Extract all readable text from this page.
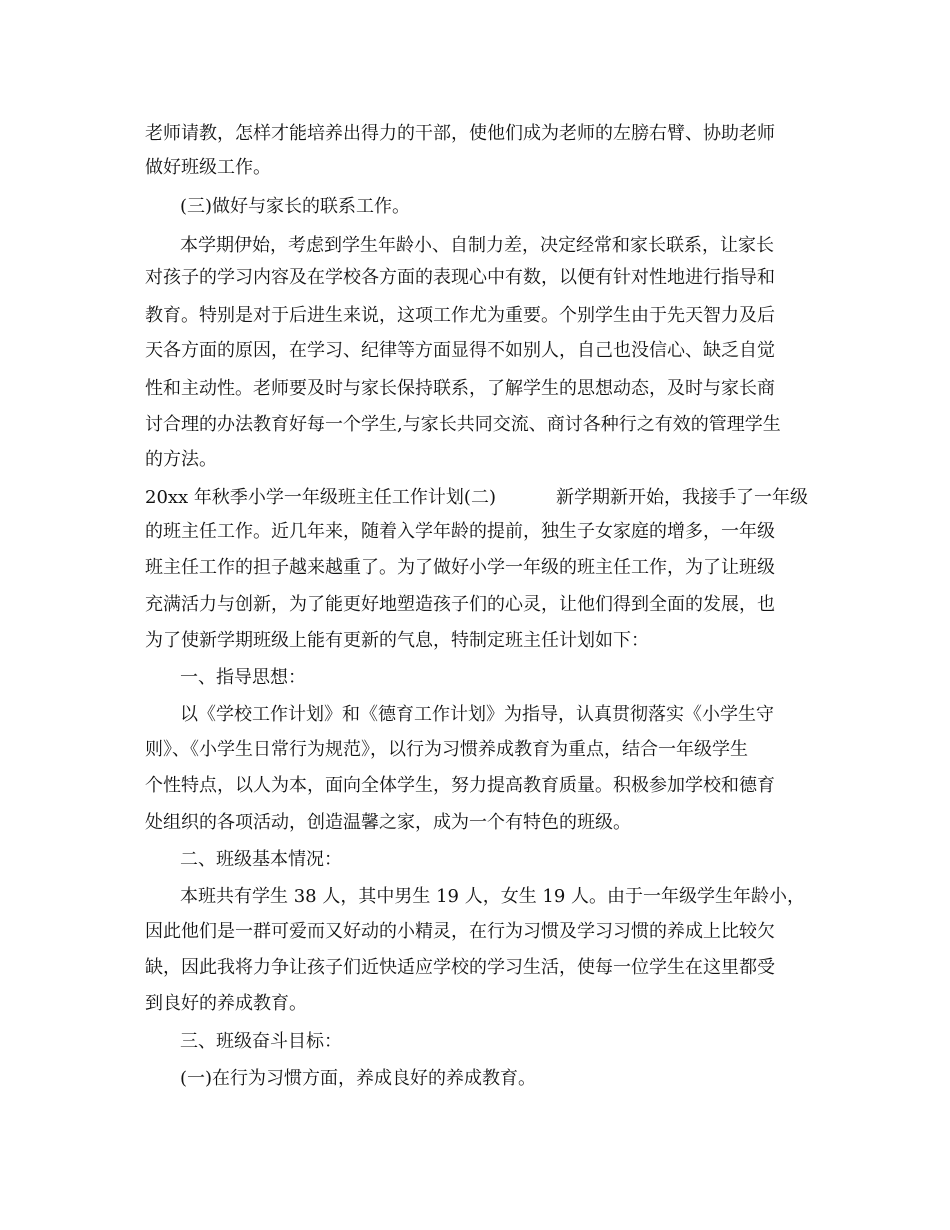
老师请教，怎样才能培养出得力的干部，使他们成为老师的左膀右臂、协助老师
做好班级工作。
(三)做好与家长的联系工作。
本学期伊始，考虑到学生年龄小、自制力差，决定经常和家长联系，让家长
对孩子的学习内容及在学校各方面的表现心中有数，以便有针对性地进行指导和
教育。特别是对于后进生来说，这项工作尤为重要。个别学生由于先天智力及后
天各方面的原因，在学习、纪律等方面显得不如别人，自己也没信心、缺乏自觉
性和主动性。老师要及时与家长保持联系，了解学生的思想动态，及时与家长商
讨合理的办法教育好每一个学生,与家长共同交流、商讨各种行之有效的管理学生
的方法。
20xx 年秋季小学一年级班主任工作计划(二)	新学期新开始，我接手了一年级
的班主任工作。近几年来，随着入学年龄的提前，独生子女家庭的增多，一年级
班主任工作的担子越来越重了。为了做好小学一年级的班主任工作，为了让班级
充满活力与创新，为了能更好地塑造孩子们的心灵，让他们得到全面的发展，也
为了使新学期班级上能有更新的气息，特制定班主任计划如下：
一、指导思想：
以《学校工作计划》和《德育工作计划》为指导，认真贯彻落实《小学生守
则》、《小学生日常行为规范》，以行为习惯养成教育为重点，结合一年级学生
个性特点，以人为本，面向全体学生，努力提高教育质量。积极参加学校和德育
处组织的各项活动，创造温馨之家，成为一个有特色的班级。
二、班级基本情况：
本班共有学生 38 人，其中男生 19 人，女生 19 人。由于一年级学生年龄小，
因此他们是一群可爱而又好动的小精灵，在行为习惯及学习习惯的养成上比较欠
缺，因此我将力争让孩子们近快适应学校的学习生活，使每一位学生在这里都受
到良好的养成教育。
三、班级奋斗目标：
(一)在行为习惯方面，养成良好的养成教育。
